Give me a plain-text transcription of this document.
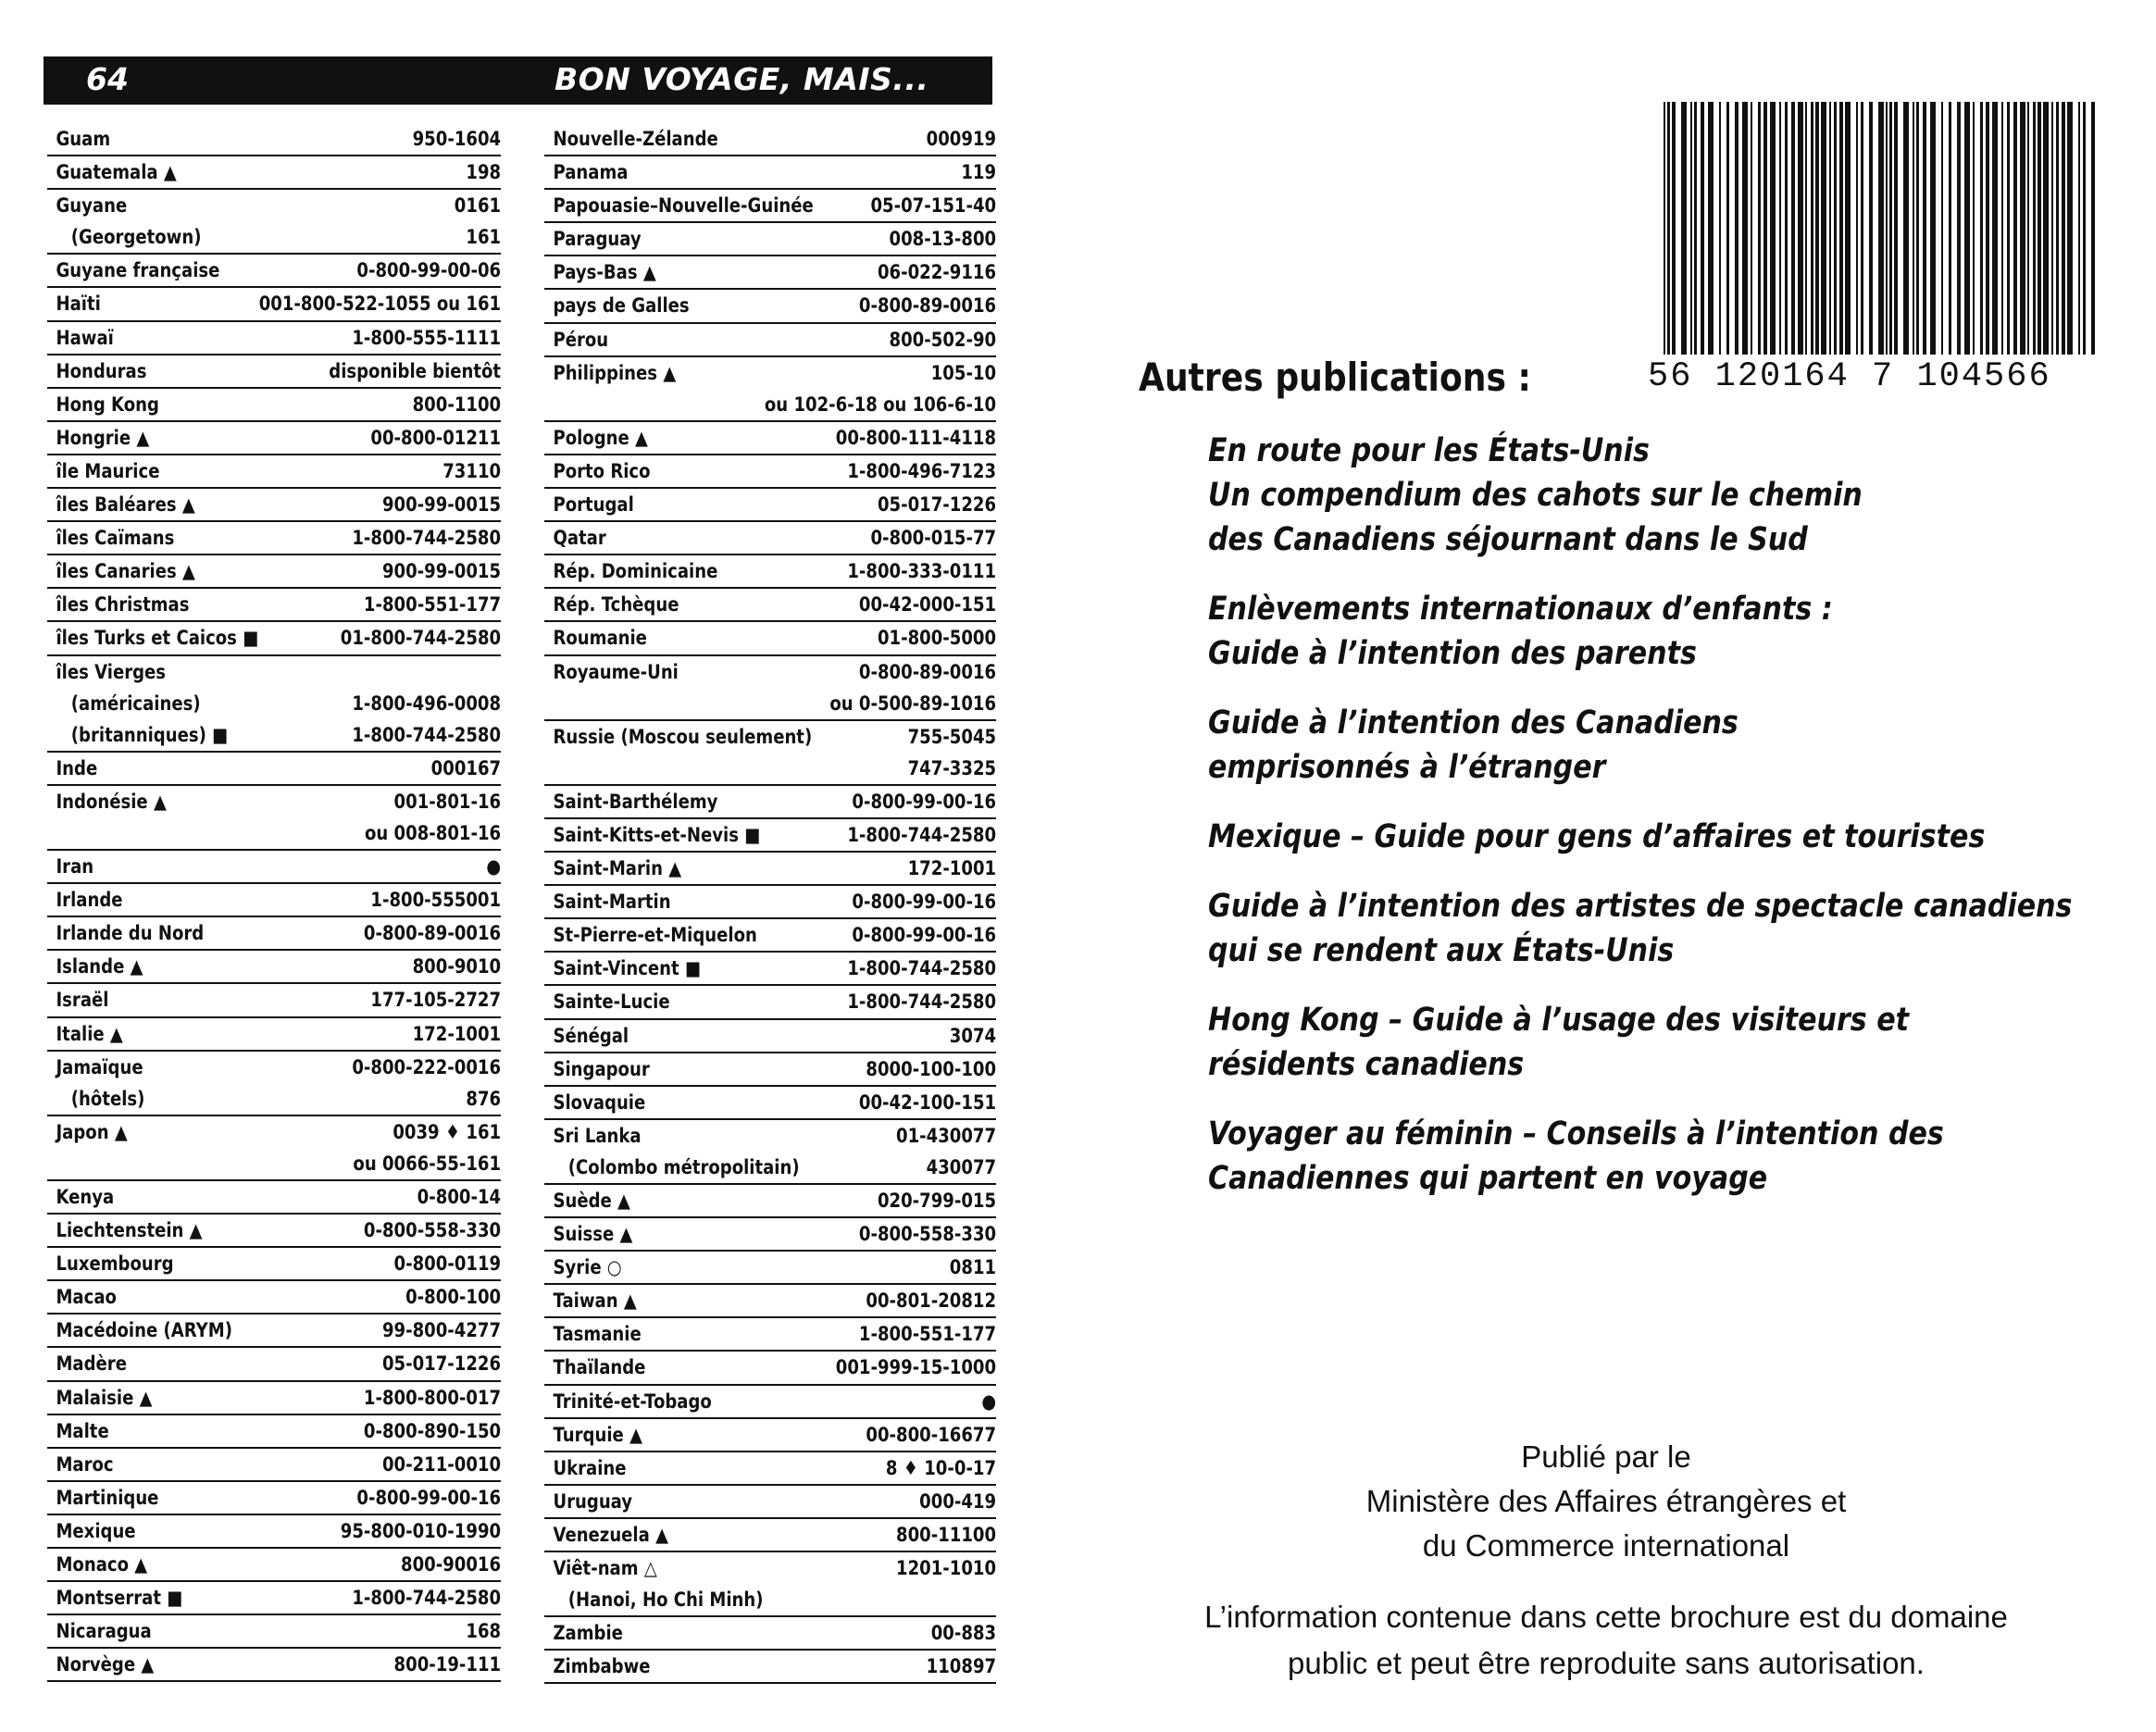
64	BON VOYAGE, MAIS...
Guam	950-1604
Guatemala ▲	198
Guyane	0161
(Georgetown)	161
Guyane française	0-800-99-00-06
Haïti	001-800-522-1055 ou 161
Hawaï	1-800-555-1111
Honduras	disponible bientôt
Hong Kong	800-1100
Hongrie ▲	00-800-01211
île Maurice	73110
îles Baléares ▲	900-99-0015
îles Caïmans	1-800-744-2580
îles Canaries ▲	900-99-0015
îles Christmas	1-800-551-177
îles Turks et Caicos ■	01-800-744-2580
îles Vierges
(américaines)	1-800-496-0008
(britanniques) ■	1-800-744-2580
Inde	000167
Indonésie ▲	001-801-16
ou 008-801-16
Iran	●
Irlande	1-800-555001
Irlande du Nord	0-800-89-0016
Islande ▲	800-9010
Israël	177-105-2727
Italie ▲	172-1001
Jamaïque	0-800-222-0016
(hôtels)	876
Japon ▲	0039 ♦ 161
ou 0066-55-161
Kenya	0-800-14
Liechtenstein ▲	0-800-558-330
Luxembourg	0-800-0119
Macao	0-800-100
Macédoine (ARYM)	99-800-4277
Madère	05-017-1226
Malaisie ▲	1-800-800-017
Malte	0-800-890-150
Maroc	00-211-0010
Martinique	0-800-99-00-16
Mexique	95-800-010-1990
Monaco ▲	800-90016
Montserrat ■	1-800-744-2580
Nicaragua	168
Norvège ▲	800-19-111
Nouvelle-Zélande	000919
Panama	119
Papouasie–Nouvelle-Guinée	05-07-151-40
Paraguay	008-13-800
Pays-Bas ▲	06-022-9116
pays de Galles	0-800-89-0016
Pérou	800-502-90
Philippines ▲	105-10
ou 102-6-18 ou 106-6-10
Pologne ▲	00-800-111-4118
Porto Rico	1-800-496-7123
Portugal	05-017-1226
Qatar	0-800-015-77
Rép. Dominicaine	1-800-333-0111
Rép. Tchèque	00-42-000-151
Roumanie	01-800-5000
Royaume-Uni	0-800-89-0016
ou 0-500-89-1016
Russie (Moscou seulement)	755-5045
747-3325
Saint-Barthélemy	0-800-99-00-16
Saint-Kitts-et-Nevis ■	1-800-744-2580
Saint-Marin ▲	172-1001
Saint-Martin	0-800-99-00-16
St-Pierre-et-Miquelon	0-800-99-00-16
Saint-Vincent ■	1-800-744-2580
Sainte-Lucie	1-800-744-2580
Sénégal	3074
Singapour	8000-100-100
Slovaquie	00-42-100-151
Sri Lanka	01-430077
(Colombo métropolitain)	430077
Suède ▲	020-799-015
Suisse ▲	0-800-558-330
Syrie ○	0811
Taiwan ▲	00-801-20812
Tasmanie	1-800-551-177
Thaïlande	001-999-15-1000
Trinité-et-Tobago	●
Turquie ▲	00-800-16677
Ukraine	8 ♦ 10-0-17
Uruguay	000-419
Venezuela ▲	800-11100
Viêt-nam △	1201-1010
(Hanoi, Ho Chi Minh)
Zambie	00-883
Zimbabwe	110897
56 120164 7 104566
Autres publications :
En route pour les États-Unis
Un compendium des cahots sur le chemin
des Canadiens séjournant dans le Sud
Enlèvements internationaux d’enfants :
Guide à l’intention des parents
Guide à l’intention des Canadiens
emprisonnés à l’étranger
Mexique – Guide pour gens d’affaires et touristes
Guide à l’intention des artistes de spectacle canadiens
qui se rendent aux États-Unis
Hong Kong – Guide à l’usage des visiteurs et
résidents canadiens
Voyager au féminin – Conseils à l’intention des
Canadiennes qui partent en voyage
Publié par le
Ministère des Affaires étrangères et
du Commerce international
L’information contenue dans cette brochure est du domaine
public et peut être reproduite sans autorisation.
